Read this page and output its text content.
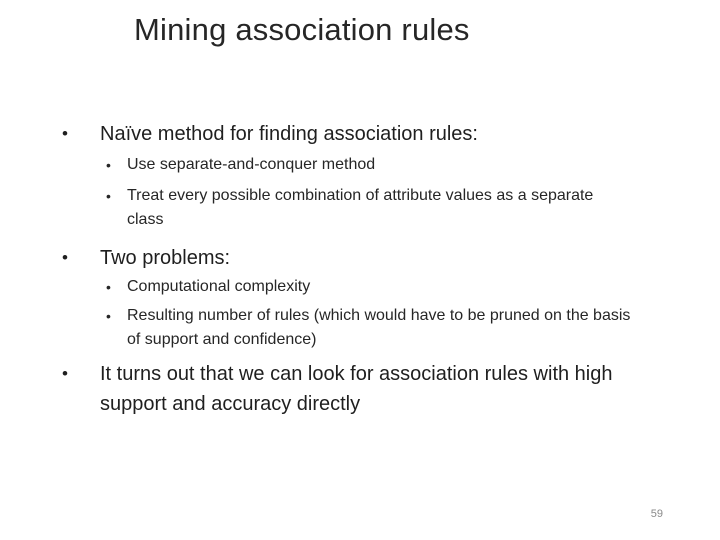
Mining association rules
• Naïve method for finding association rules:
• Use separate-and-conquer method
• Treat every possible combination of attribute values as a separate class
• Two problems:
• Computational complexity
• Resulting number of rules (which would have to be pruned on the basis of support and confidence)
• It turns out that we can look for association rules with high support and accuracy directly
59
